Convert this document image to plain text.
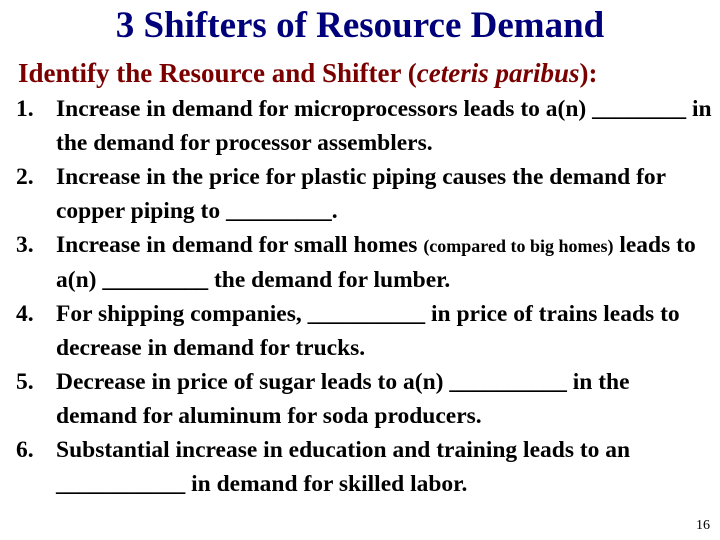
3 Shifters of Resource Demand
Identify the Resource and Shifter (ceteris paribus):
1. Increase in demand for microprocessors leads to a(n) ________ in the demand for processor assemblers.
2. Increase in the price for plastic piping causes the demand for copper piping to _________.
3. Increase in demand for small homes (compared to big homes) leads to a(n) _________ the demand for lumber.
4. For shipping companies, __________ in price of trains leads to decrease in demand for trucks.
5. Decrease in price of sugar leads to a(n) __________ in the demand for aluminum for soda producers.
6. Substantial increase in education and training leads to an ___________ in demand for skilled labor.
16
